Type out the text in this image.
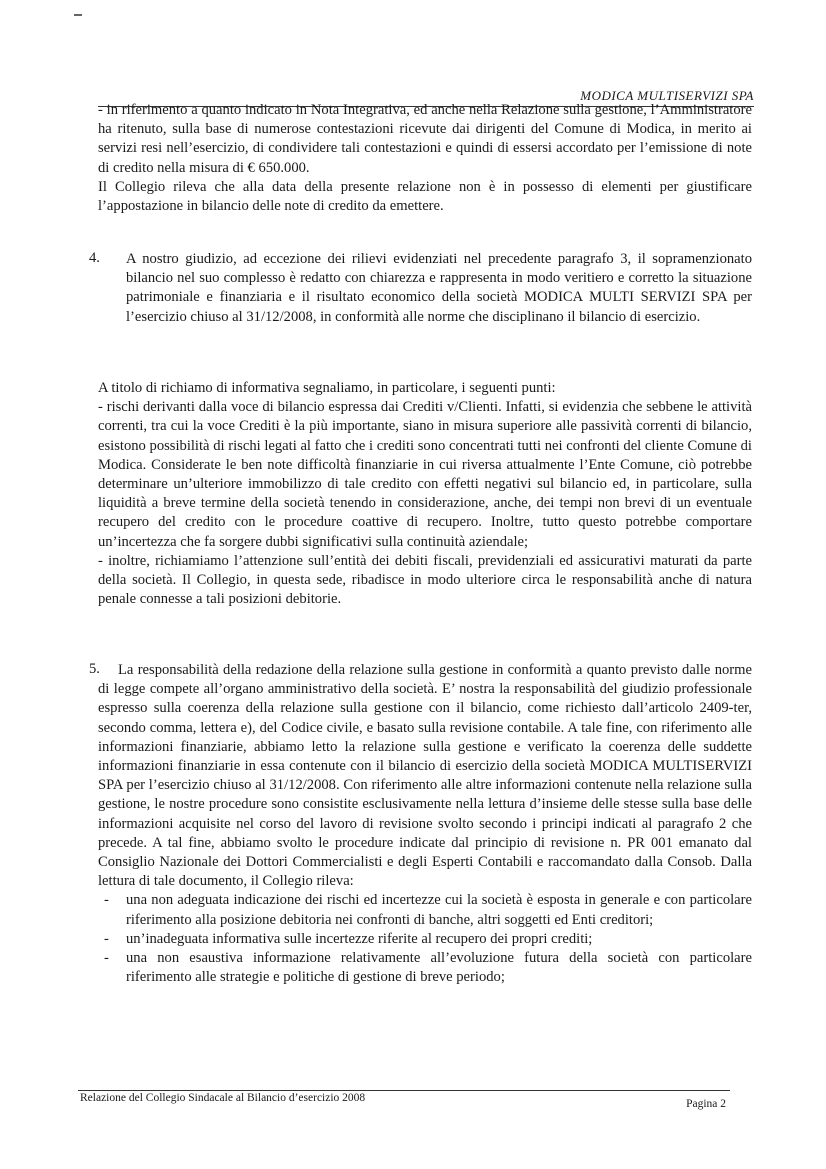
MODICA MULTISERVIZI SPA

- in riferimento a quanto indicato in Nota Integrativa, ed anche nella Relazione sulla gestione, l’Amministratore ha ritenuto, sulla base di numerose contestazioni ricevute dai dirigenti del Comune di Modica, in merito ai servizi resi nell’esercizio, di condividere tali contestazioni e quindi di essersi accordato per l’emissione di note di credito nella misura di € 650.000.

Il Collegio rileva che alla data della presente relazione non è in possesso di elementi per giustificare l’appostazione in bilancio delle note di credito da emettere.

4. A nostro giudizio, ad eccezione dei rilievi evidenziati nel precedente paragrafo 3, il sopramenzionato bilancio nel suo complesso è redatto con chiarezza e rappresenta in modo veritiero e corretto la situazione patrimoniale e finanziaria e il risultato economico della società MODICA MULTI SERVIZI SPA per l’esercizio chiuso al 31/12/2008, in conformità alle norme che disciplinano il bilancio di esercizio.

A titolo di richiamo di informativa segnaliamo, in particolare, i seguenti punti:

- rischi derivanti dalla voce di bilancio espressa dai Crediti v/Clienti. Infatti, si evidenzia che sebbene le attività correnti, tra cui la voce Crediti è la più importante, siano in misura superiore alle passività correnti di bilancio, esistono possibilità di rischi legati al fatto che i crediti sono concentrati tutti nei confronti del cliente Comune di Modica. Considerate le ben note difficoltà finanziarie in cui riversa attualmente l’Ente Comune, ciò potrebbe determinare un’ulteriore immobilizzo di tale credito con effetti negativi sul bilancio ed, in particolare, sulla liquidità a breve termine della società tenendo in considerazione, anche, dei tempi non brevi di un eventuale recupero del credito con le procedure coattive di recupero. Inoltre, tutto questo potrebbe comportare un’incertezza che fa sorgere dubbi significativi sulla continuità aziendale;

- inoltre, richiamiamo l’attenzione sull’entità dei debiti fiscali, previdenziali ed assicurativi maturati da parte della società. Il Collegio, in questa sede, ribadisce in modo ulteriore circa le responsabilità anche di natura penale connesse a tali posizioni debitorie.

5.	La responsabilità della redazione della relazione sulla gestione in conformità a quanto previsto dalle norme di legge compete all’organo amministrativo della società. E’ nostra la responsabilità del giudizio professionale espresso sulla coerenza della relazione sulla gestione con il bilancio, come richiesto dall’articolo 2409-ter, secondo comma, lettera e), del Codice civile, e basato sulla revisione contabile. A tale fine, con riferimento alle informazioni finanziarie, abbiamo letto la relazione sulla gestione e verificato la coerenza delle suddette informazioni finanziarie in essa contenute con il bilancio di esercizio della società MODICA MULTISERVIZI SPA per l’esercizio chiuso al 31/12/2008. Con riferimento alle altre informazioni contenute nella relazione sulla gestione, le nostre procedure sono consistite esclusivamente nella lettura d’insieme delle stesse sulla base delle informazioni acquisite nel corso del lavoro di revisione svolto secondo i principi indicati al paragrafo 2 che precede. A tal fine, abbiamo svolto le procedure indicate dal principio di revisione n. PR 001 emanato dal Consiglio Nazionale dei Dottori Commercialisti e degli Esperti Contabili e raccomandato dalla Consob. Dalla lettura di tale documento, il Collegio rileva:

- una non adeguata indicazione dei rischi ed incertezze cui la società è esposta in generale e con particolare riferimento alla posizione debitoria nei confronti di banche, altri soggetti ed Enti creditori;
- un’inadeguata informativa sulle incertezze riferite al recupero dei propri crediti;
- una non esaustiva informazione relativamente all’evoluzione futura della società con particolare riferimento alle strategie e politiche di gestione di breve periodo;
Relazione del Collegio Sindacale al Bilancio d’esercizio 2008	Pagina 2
